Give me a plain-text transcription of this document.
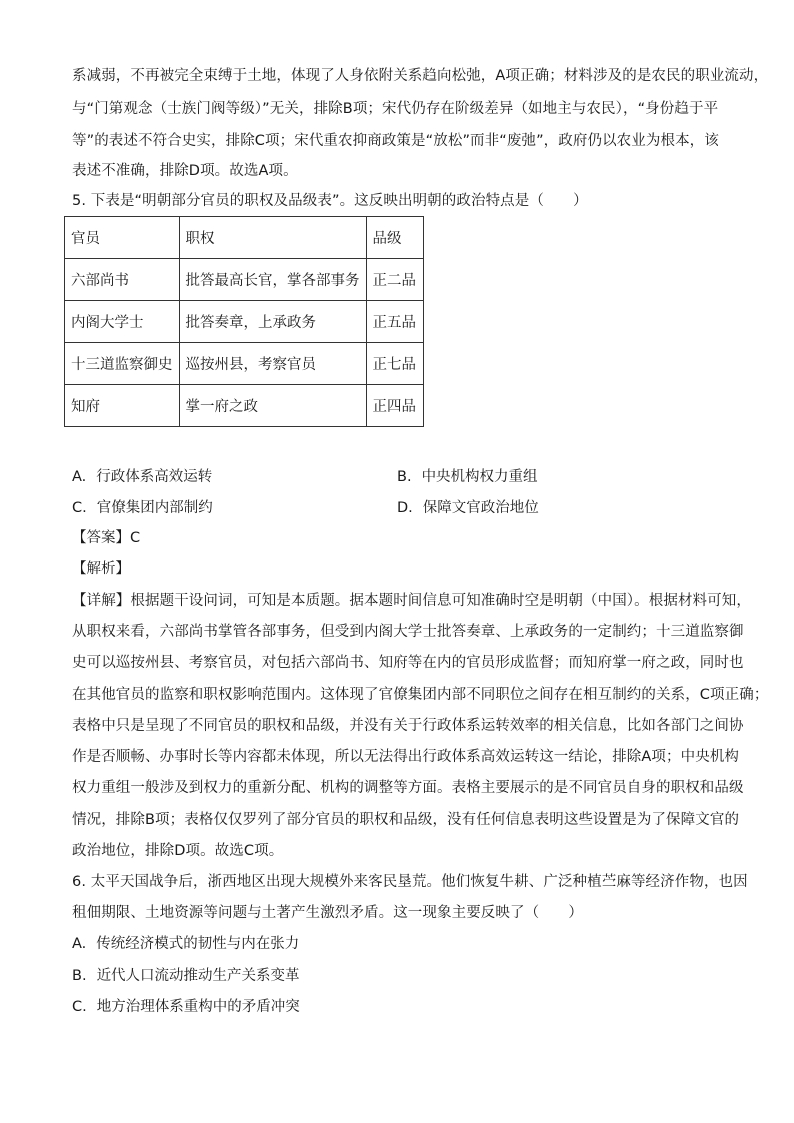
系减弱，不再被完全束缚于土地，体现了人身依附关系趋向松弛，A项正确；材料涉及的是农民的职业流动，
与“门第观念（士族门阀等级）”无关，排除B项；宋代仍存在阶级差异（如地主与农民），“身份趋于平
等”的表述不符合史实，排除C项；宋代重农抑商政策是“放松”而非“废弛”，政府仍以农业为根本，该
表述不准确，排除D项。故选A项。
5. 下表是“明朝部分官员的职权及品级表”。这反映出明朝的政治特点是（　　）
官员	职权	品级
六部尚书	批答最高长官，掌各部事务	正二品
内阁大学士	批答奏章，上承政务	正五品
十三道监察御史	巡按州县，考察官员	正七品
知府	掌一府之政	正四品
A. 行政体系高效运转	B. 中央机构权力重组
C. 官僚集团内部制约	D. 保障文官政治地位
【答案】C
【解析】
【详解】根据题干设问词，可知是本质题。据本题时间信息可知准确时空是明朝（中国）。根据材料可知，
从职权来看，六部尚书掌管各部事务，但受到内阁大学士批答奏章、上承政务的一定制约；十三道监察御
史可以巡按州县、考察官员，对包括六部尚书、知府等在内的官员形成监督；而知府掌一府之政，同时也
在其他官员的监察和职权影响范围内。这体现了官僚集团内部不同职位之间存在相互制约的关系，C项正确；
表格中只是呈现了不同官员的职权和品级，并没有关于行政体系运转效率的相关信息，比如各部门之间协
作是否顺畅、办事时长等内容都未体现，所以无法得出行政体系高效运转这一结论，排除A项；中央机构
权力重组一般涉及到权力的重新分配、机构的调整等方面。表格主要展示的是不同官员自身的职权和品级
情况，排除B项；表格仅仅罗列了部分官员的职权和品级，没有任何信息表明这些设置是为了保障文官的
政治地位，排除D项。故选C项。
6. 太平天国战争后，浙西地区出现大规模外来客民垦荒。他们恢复牛耕、广泛种植苎麻等经济作物，也因
租佃期限、土地资源等问题与土著产生激烈矛盾。这一现象主要反映了（　　）
A. 传统经济模式的韧性与内在张力
B. 近代人口流动推动生产关系变革
C. 地方治理体系重构中的矛盾冲突
